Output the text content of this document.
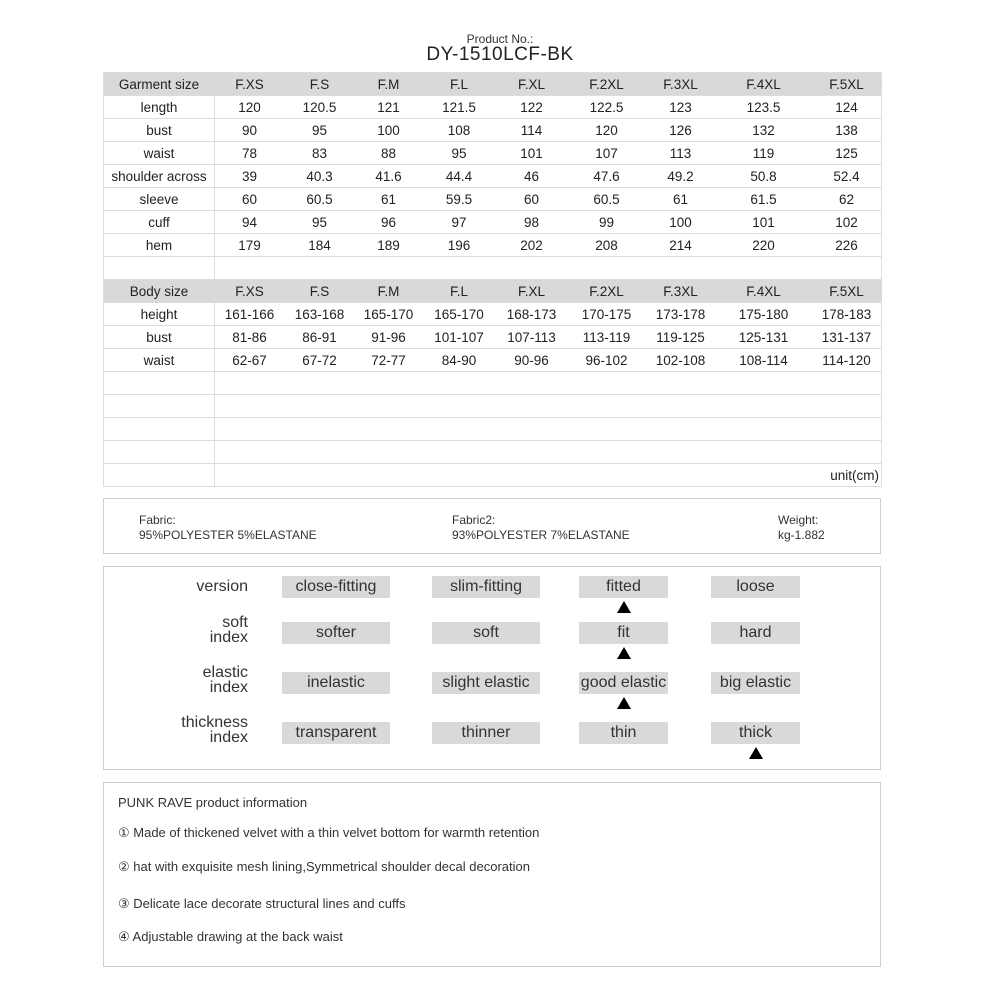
Product No.:
DY-1510LCF-BK
Garment size	F.XS	F.S	F.M	F.L	F.XL	F.2XL	F.3XL	F.4XL	F.5XL
length	120	120.5	121	121.5	122	122.5	123	123.5	124
bust	90	95	100	108	114	120	126	132	138
waist	78	83	88	95	101	107	113	119	125
shoulder across	39	40.3	41.6	44.4	46	47.6	49.2	50.8	52.4
sleeve	60	60.5	61	59.5	60	60.5	61	61.5	62
cuff	94	95	96	97	98	99	100	101	102
hem	179	184	189	196	202	208	214	220	226

Body size	F.XS	F.S	F.M	F.L	F.XL	F.2XL	F.3XL	F.4XL	F.5XL
height	161-166	163-168	165-170	165-170	168-173	170-175	173-178	175-180	178-183
bust	81-86	86-91	91-96	101-107	107-113	113-119	119-125	125-131	131-137
waist	62-67	67-72	72-77	84-90	90-96	96-102	102-108	108-114	114-120

	unit(cm)								
Fabric:
95%POLYESTER 5%ELASTANE
Fabric2:
93%POLYESTER 7%ELASTANE
Weight:
kg-1.882
version	close-fitting	slim-fitting	fitted	loose
soft
index	softer	soft	fit	hard
elastic
index	inelastic	slight elastic	good elastic	big elastic
thickness
index	transparent	thinner	thin	thick
PUNK RAVE product information
① Made of thickened velvet with a thin velvet bottom for warmth retention
② hat with exquisite mesh lining,Symmetrical shoulder decal decoration
③ Delicate lace decorate structural lines and cuffs
④ Adjustable drawing at the back waist
